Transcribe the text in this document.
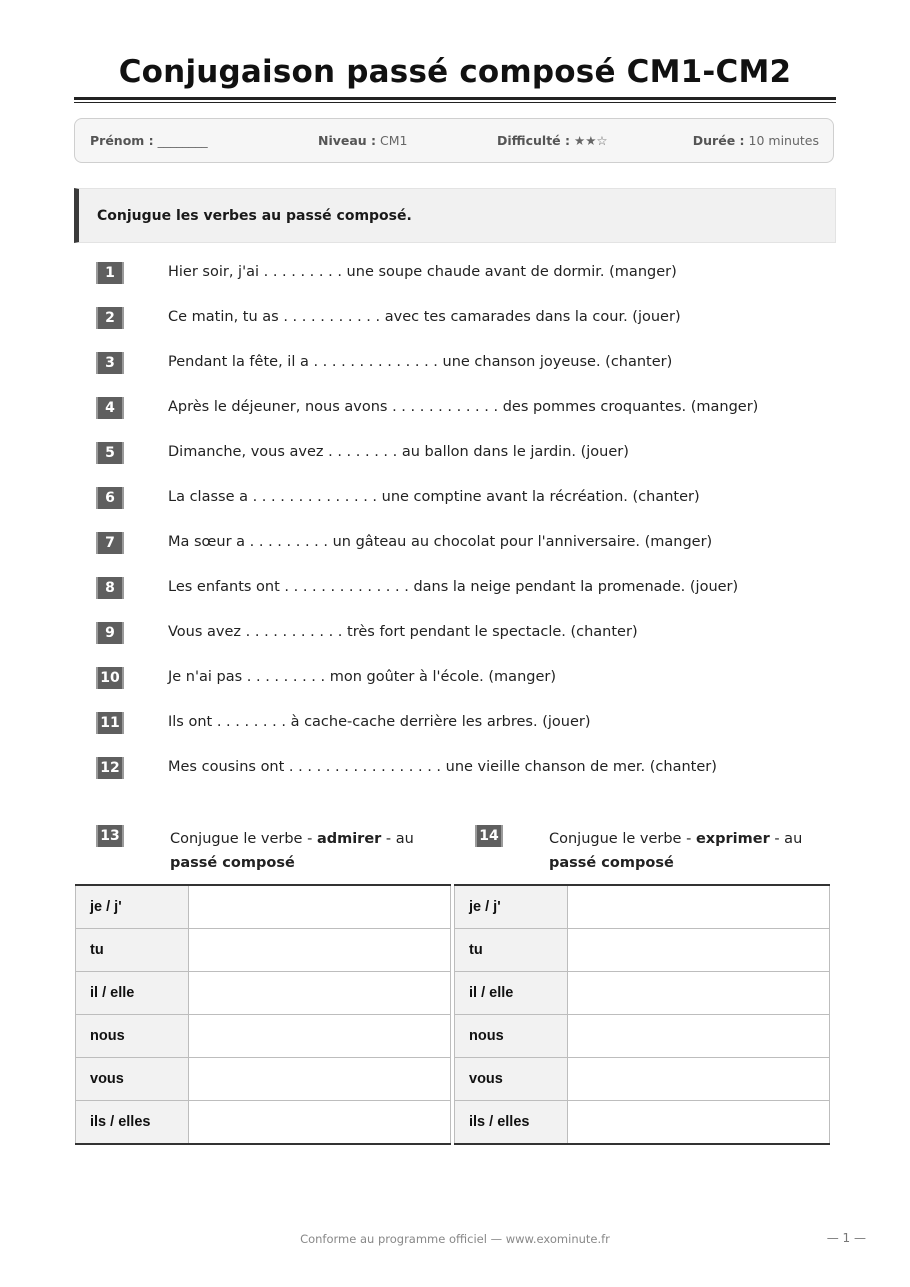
Conjugaison passé composé CM1-CM2
Prénom : ________	Niveau : CM1	Difficulté : ★★☆	Durée : 10 minutes
Conjugue les verbes au passé composé.
1	Hier soir, j'ai . . . . . . . . . une soupe chaude avant de dormir. (manger)
2	Ce matin, tu as . . . . . . . . . . . avec tes camarades dans la cour. (jouer)
3	Pendant la fête, il a . . . . . . . . . . . . . . une chanson joyeuse. (chanter)
4	Après le déjeuner, nous avons . . . . . . . . . . . . des pommes croquantes. (manger)
5	Dimanche, vous avez . . . . . . . . au ballon dans le jardin. (jouer)
6	La classe a . . . . . . . . . . . . . . une comptine avant la récréation. (chanter)
7	Ma sœur a . . . . . . . . . un gâteau au chocolat pour l'anniversaire. (manger)
8	Les enfants ont . . . . . . . . . . . . . . dans la neige pendant la promenade. (jouer)
9	Vous avez . . . . . . . . . . . très fort pendant le spectacle. (chanter)
10	Je n'ai pas . . . . . . . . . mon goûter à l'école. (manger)
11	Ils ont . . . . . . . . à cache-cache derrière les arbres. (jouer)
12	Mes cousins ont . . . . . . . . . . . . . . . . . une vieille chanson de mer. (chanter)
13	Conjugue le verbe - admirer - au passé composé
je / j'	
tu	
il / elle	
nous	
vous	
ils / elles	
14	Conjugue le verbe - exprimer - au passé composé
je / j'	
tu	
il / elle	
nous	
vous	
ils / elles	
Conforme au programme officiel — www.exominute.fr	— 1 —
